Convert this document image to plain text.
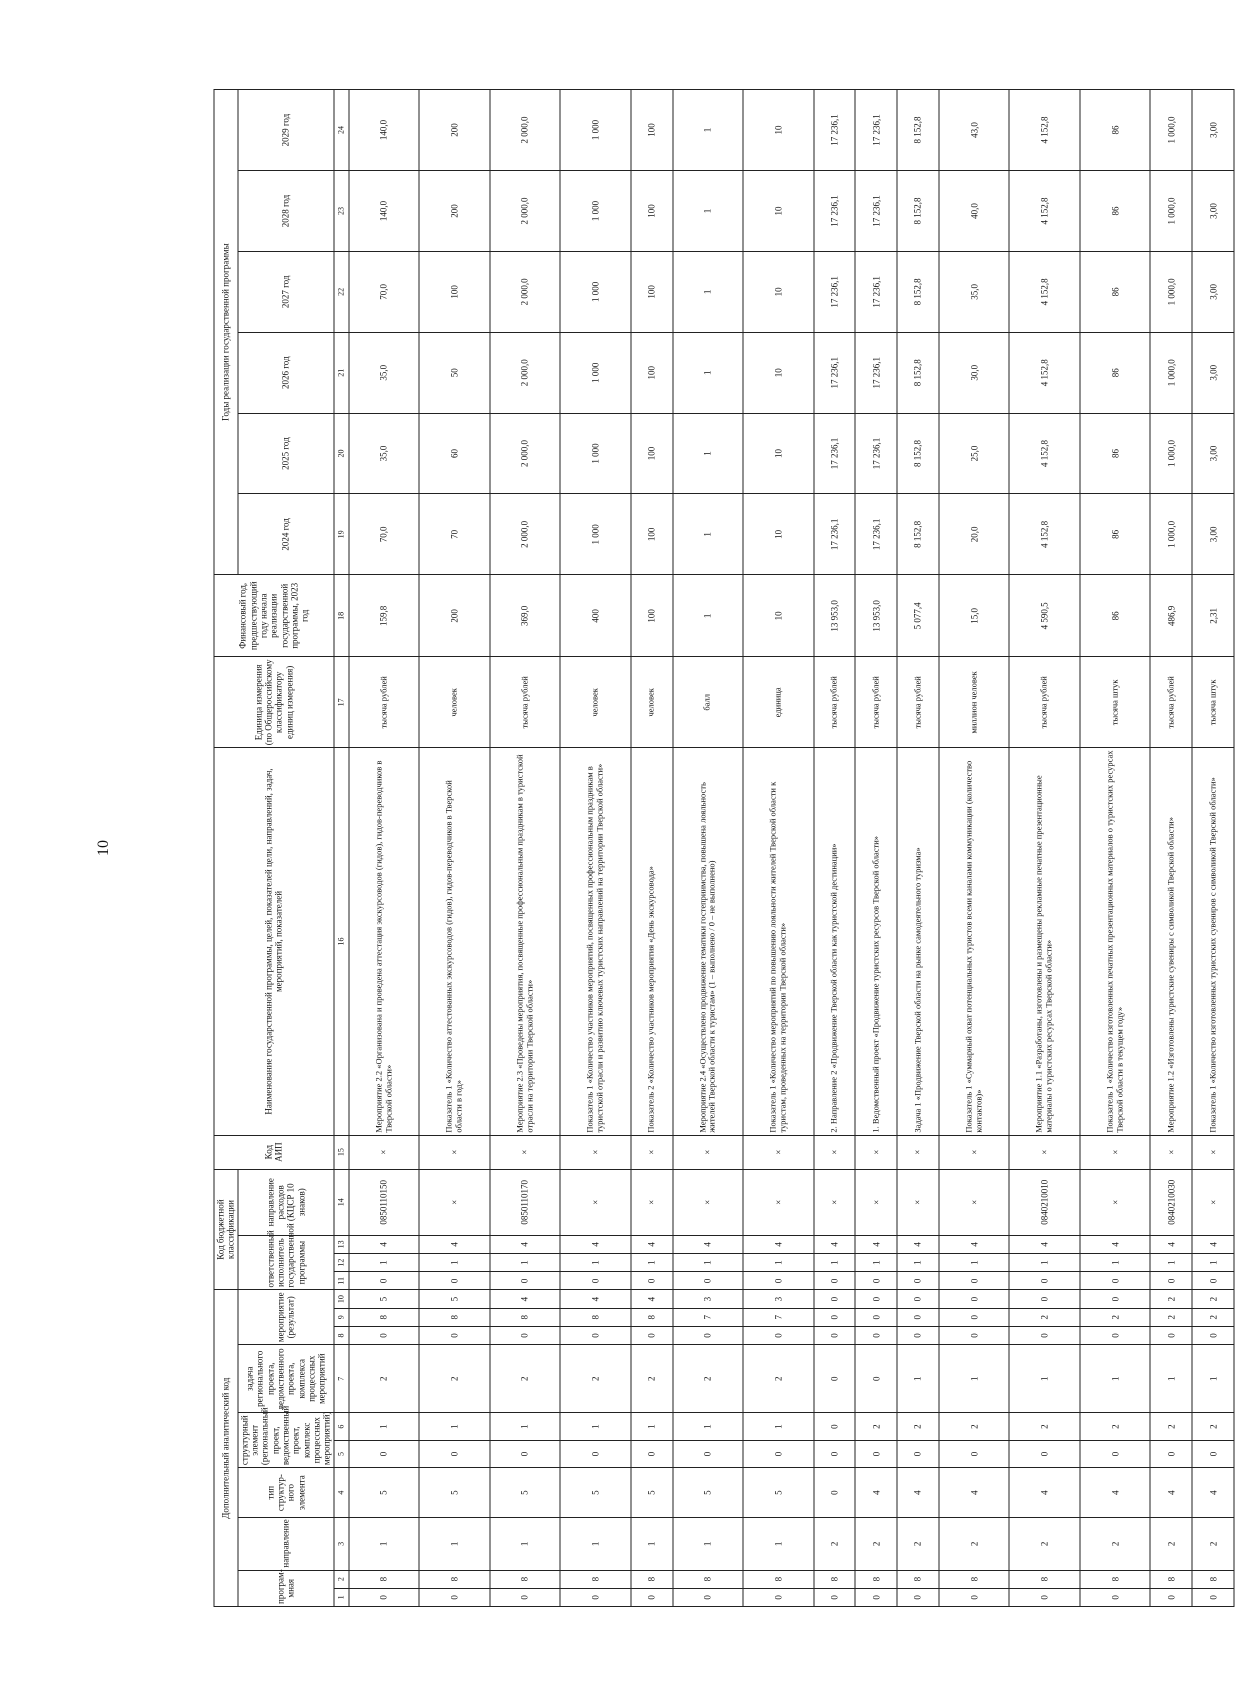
10
Дополнительный аналитический код										Код бюджетной классификации				Код АИП	Наименование государственной программы, целей, показателей цели, направлений, задач, мероприятий, показателей	Единица измерения (по Общероссийскому классификатору единиц измерения)	Финансовый год, предшествующий году начала реализации государственной программы, 2023 год	Годы реализации государственной программы					
програм-мная		направление	тип структур-ного элемента	структурный элемент (региональный проект, ведомственный проект, комплекс процессных мероприятий)		задача регионального проекта, ведомственного проекта, комплекса процессных мероприятий	мероприятие (результат)			ответственный исполнитель государственной программы			направление расходов (КЦСР 10 знаков)					2024 год	2025 год	2026 год	2027 год	2028 год	2029 год

1	2	3	4	5	6	7	8	9	10	11	12	13	14	15	16	17	18	19	20	21	22	23	24
0	8	1	5	0	1	2	0	8	5	0	1	4	0850110150	×	Мероприятие 2.2 «Организована и проведена аттестация экскурсоводов (гидов), гидов-переводчиков в Тверской области»	тысяча рублей	159,8	70,0	35,0	35,0	70,0	140,0	140,0
0	8	1	5	0	1	2	0	8	5	0	1	4	×	×	Показатель 1 «Количество аттестованных экскурсоводов (гидов), гидов-переводчиков в Тверской области в год»	человек	200	70	60	50	100	200	200
0	8	1	5	0	1	2	0	8	4	0	1	4	0850110170	×	Мероприятие 2.3 «Проведены мероприятия, посвященные профессиональным праздникам в туристской отрасли на территории Тверской области»	тысяча рублей	369,0	2 000,0	2 000,0	2 000,0	2 000,0	2 000,0	2 000,0
0	8	1	5	0	1	2	0	8	4	0	1	4	×	×	Показатель 1 «Количество участников мероприятий, посвященных профессиональным праздникам в туристской отрасли и развитию ключевых туристских направлений на территории Тверской области»	человек	400	1 000	1 000	1 000	1 000	1 000	1 000
0	8	1	5	0	1	2	0	8	4	0	1	4	×	×	Показатель 2 «Количество участников мероприятия «День экскурсовода»	человек	100	100	100	100	100	100	100
0	8	1	5	0	1	2	0	7	3	0	1	4	×	×	Мероприятие 2.4 «Осуществлено продвижение тематики гостеприимства, повышена лояльность жителей Тверской области к туристам» (1 – выполнено / 0 – не выполнено)	балл	1	1	1	1	1	1	1
0	8	1	5	0	1	2	0	7	3	0	1	4	×	×	Показатель 1 «Количество мероприятий по повышению лояльности жителей Тверской области к туристам, проведенных на территории Тверской области»	единица	10	10	10	10	10	10	10
0	8	2	0	0	0	0	0	0	0	0	1	4	×	×	2. Направление 2 «Продвижение Тверской области как туристской дестинации»	тысяча рублей	13 953,0	17 236,1	17 236,1	17 236,1	17 236,1	17 236,1	17 236,1
0	8	2	4	0	2	0	0	0	0	0	1	4	×	×	1. Ведомственный проект «Продвижение туристских ресурсов Тверской области»	тысяча рублей	13 953,0	17 236,1	17 236,1	17 236,1	17 236,1	17 236,1	17 236,1
0	8	2	4	0	2	1	0	0	0	0	1	4	×	×	Задача 1 «Продвижение Тверской области на рынке самодеятельного туризма»	тысяча рублей	5 077,4	8 152,8	8 152,8	8 152,8	8 152,8	8 152,8	8 152,8
0	8	2	4	0	2	1	0	0	0	0	1	4	×	×	Показатель 1 «Суммарный охват потенциальных туристов всеми каналами коммуникации (количество контактов)»	миллион человек	15,0	20,0	25,0	30,0	35,0	40,0	43,0
0	8	2	4	0	2	1	0	2	0	0	1	4	0840210010	×	Мероприятие 1.1 «Разработаны, изготовлены и размещены рекламные печатные презентационные материалы о туристских ресурсах Тверской области»	тысяча рублей	4 590,5	4 152,8	4 152,8	4 152,8	4 152,8	4 152,8	4 152,8
0	8	2	4	0	2	1	0	2	0	0	1	4	×	×	Показатель 1 «Количество изготовленных печатных презентационных материалов о туристских ресурсах Тверской области в текущем году»	тысяча штук	86	86	86	86	86	86	86
0	8	2	4	0	2	1	0	2	2	0	1	4	0840210030	×	Мероприятие 1.2 «Изготовлены туристские сувениры с символикой Тверской области»	тысяча рублей	486,9	1 000,0	1 000,0	1 000,0	1 000,0	1 000,0	1 000,0
0	8	2	4	0	2	1	0	2	2	0	1	4	×	×	Показатель 1 «Количество изготовленных туристских сувениров с символикой Тверской области»	тысяча штук	2,31	3,00	3,00	3,00	3,00	3,00	3,00
